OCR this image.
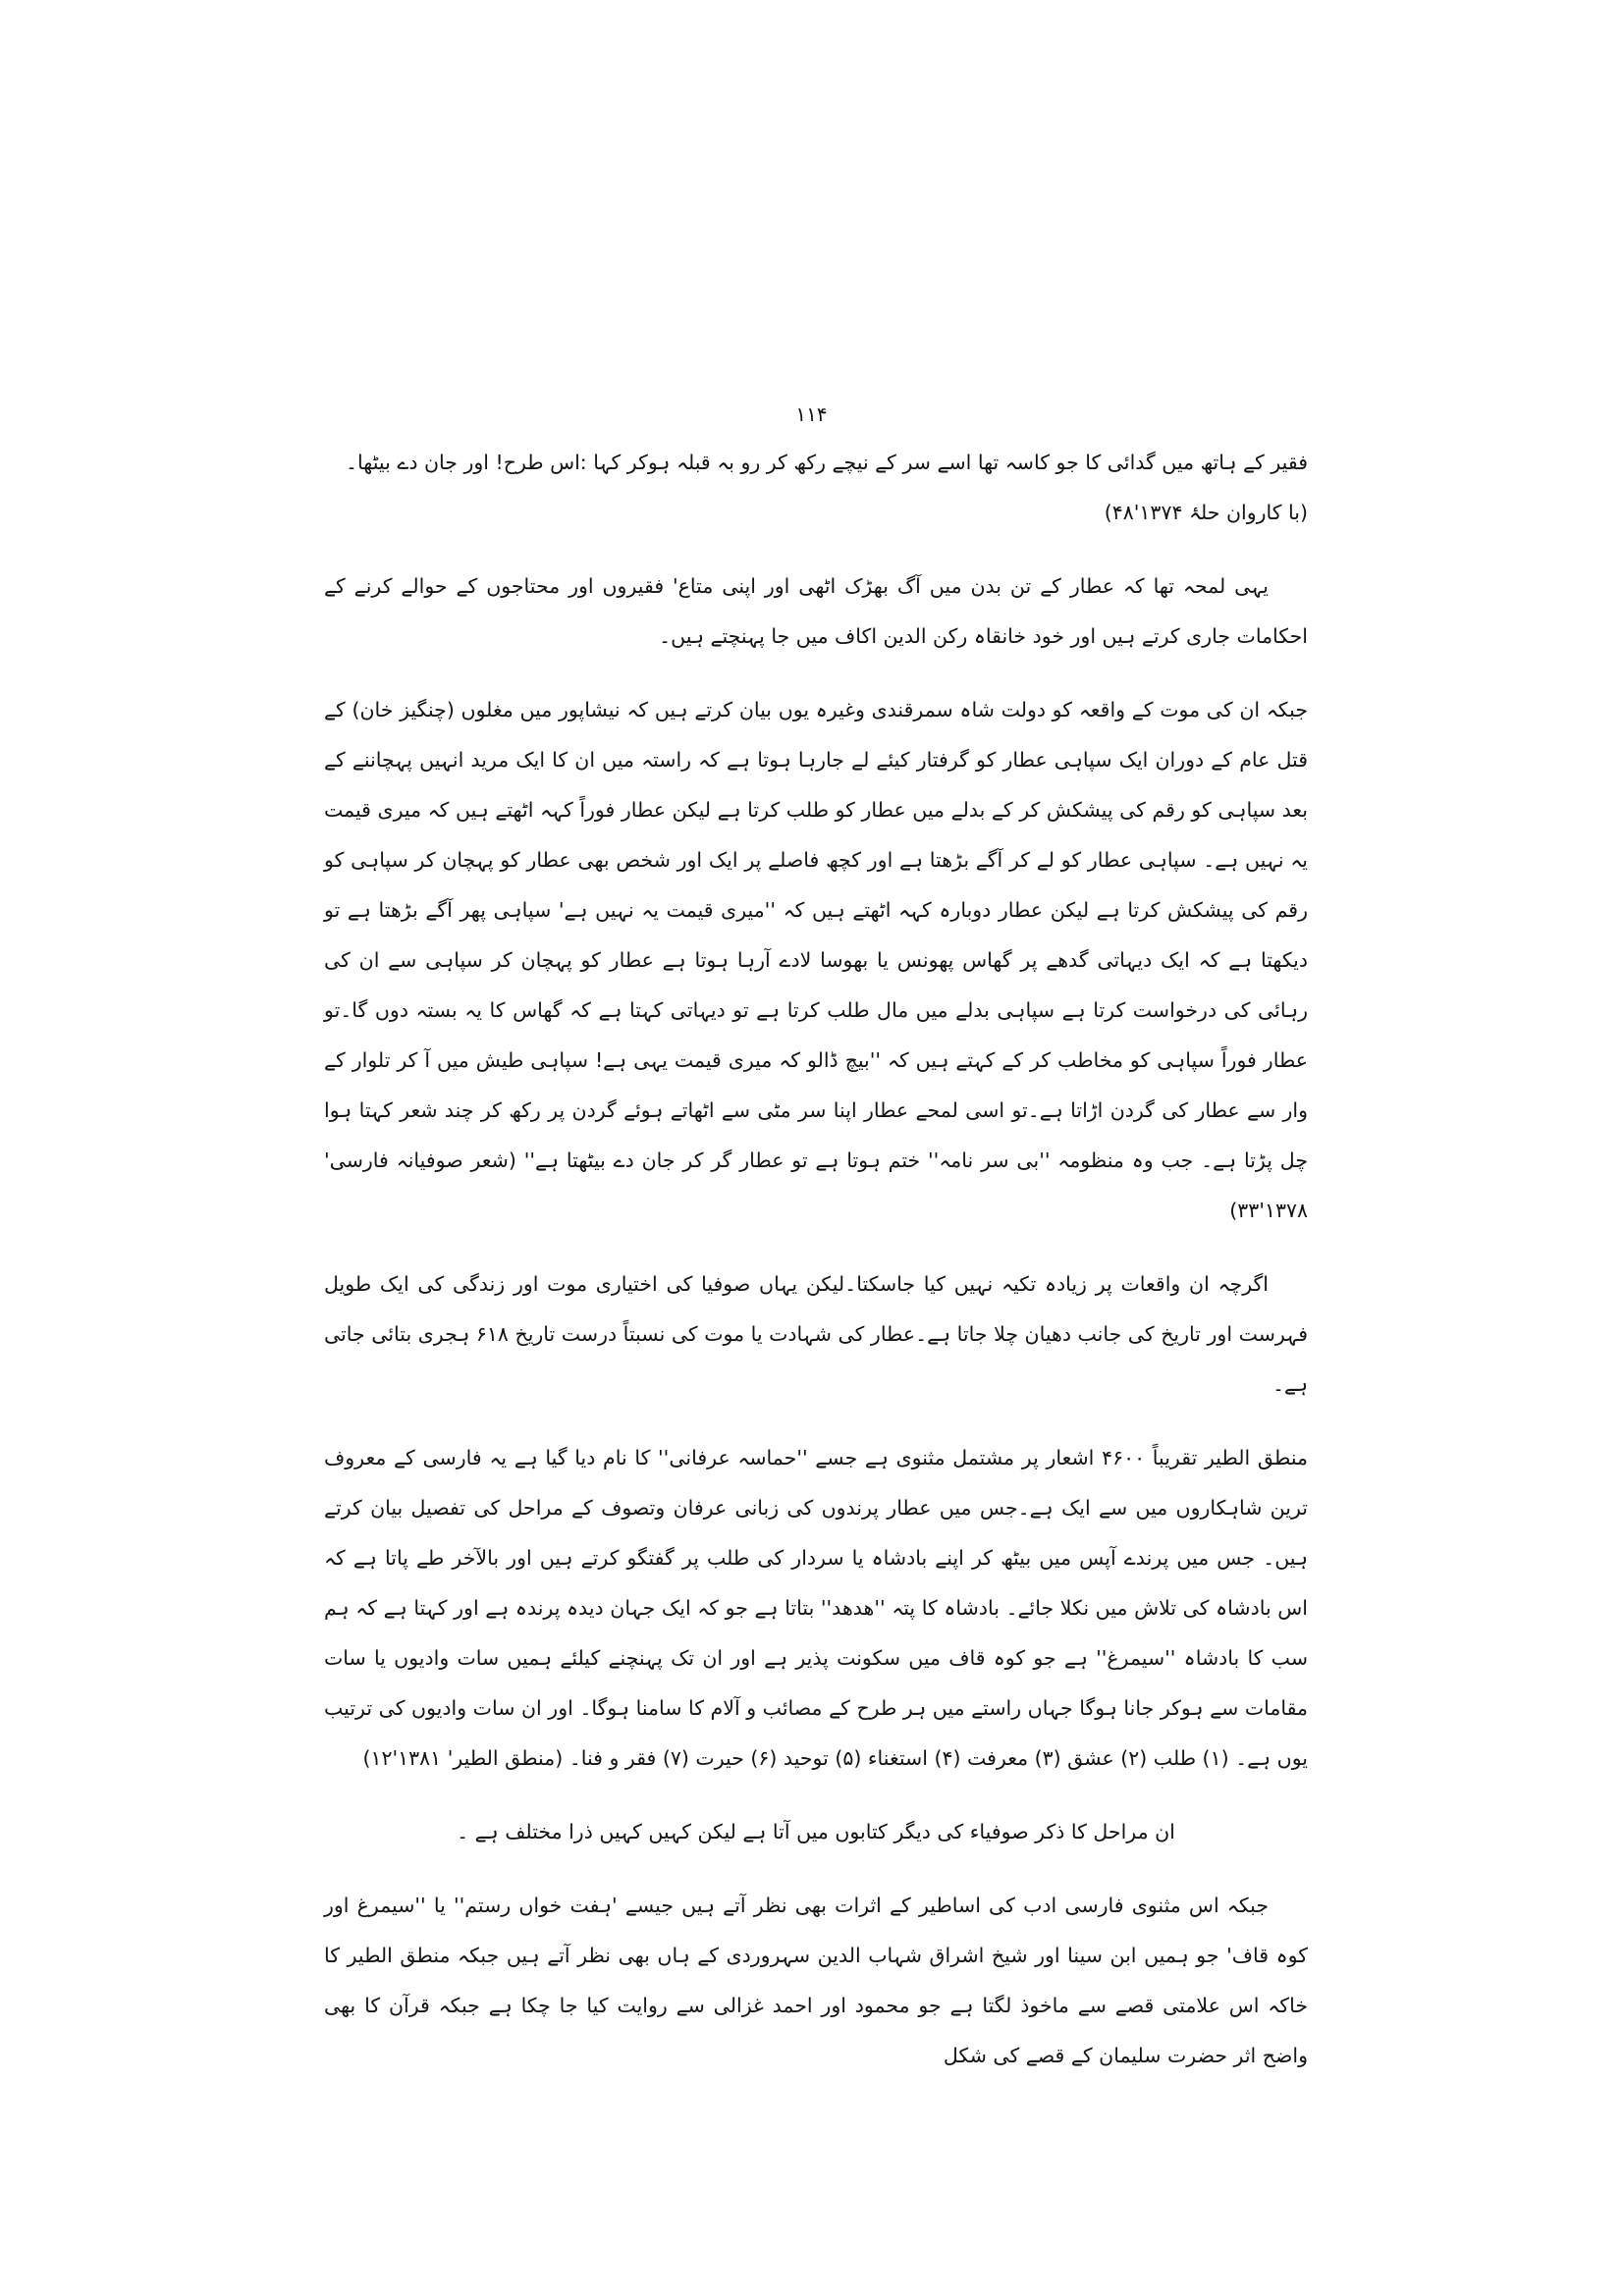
۱۱۴

فقیر کے ہاتھ میں گدائی کا جو کاسہ تھا اسے سر کے نیچے رکھ کر رو بہ قبلہ ہوکر کہا :اس طرح! اور جان دے بیٹھا۔
(با کاروان حلۂ ۱۳۷۴'۴۸)

یہی لمحہ تھا کہ عطار کے تن بدن میں آگ بھڑک اٹھی اور اپنی متاع' فقیروں اور محتاجوں کے حوالے کرنے کے احکامات جاری کرتے ہیں اور خود خانقاہ رکن الدین اکاف میں جا پہنچتے ہیں۔

جبکہ ان کی موت کے واقعہ کو دولت شاہ سمرقندی وغیرہ یوں بیان کرتے ہیں کہ نیشاپور میں مغلوں (چنگیز خان) کے قتل عام کے دوران ایک سپاہی عطار کو گرفتار کیئے لے جارہا ہوتا ہے کہ راستہ میں ان کا ایک مرید انہیں پہچاننے کے بعد سپاہی کو رقم کی پیشکش کر کے بدلے میں عطار کو طلب کرتا ہے لیکن عطار فوراً کہہ اٹھتے ہیں کہ میری قیمت یہ نہیں ہے۔ سپاہی عطار کو لے کر آگے بڑھتا ہے اور کچھ فاصلے پر ایک اور شخص بھی عطار کو پہچان کر سپاہی کو رقم کی پیشکش کرتا ہے لیکن عطار دوبارہ کہہ اٹھتے ہیں کہ ''میری قیمت یہ نہیں ہے' سپاہی پھر آگے بڑھتا ہے تو دیکھتا ہے کہ ایک دیہاتی گدھے پر گھاس پھونس یا بھوسا لادے آرہا ہوتا ہے عطار کو پہچان کر سپاہی سے ان کی رہائی کی درخواست کرتا ہے سپاہی بدلے میں مال طلب کرتا ہے تو دیہاتی کہتا ہے کہ گھاس کا یہ بستہ دوں گا۔تو عطار فوراً سپاہی کو مخاطب کر کے کہتے ہیں کہ ''بیچ ڈالو کہ میری قیمت یہی ہے! سپاہی طیش میں آ کر تلوار کے وار سے عطار کی گردن اڑاتا ہے۔تو اسی لمحے عطار اپنا سر مٹی سے اٹھاتے ہوئے گردن پر رکھ کر چند شعر کہتا ہوا چل پڑتا ہے۔ جب وہ منظومہ ''بی سر نامہ'' ختم ہوتا ہے تو عطار گر کر جان دے بیٹھتا ہے'' (شعر صوفیانہ فارسی' ۱۳۷۸'۳۳)

اگرچہ ان واقعات پر زیادہ تکیہ نہیں کیا جاسکتا۔لیکن یہاں صوفیا کی اختیاری موت اور زندگی کی ایک طویل فہرست اور تاریخ کی جانب دھیان چلا جاتا ہے۔عطار کی شہادت یا موت کی نسبتاً درست تاریخ ۶۱۸ ہجری بتائی جاتی ہے۔

منطق الطیر تقریباً ۴۶۰۰ اشعار پر مشتمل مثنوی ہے جسے ''حماسہ عرفانی'' کا نام دیا گیا ہے یہ فارسی کے معروف ترین شاہکاروں میں سے ایک ہے۔جس میں عطار پرندوں کی زبانی عرفان وتصوف کے مراحل کی تفصیل بیان کرتے ہیں۔ جس میں پرندے آپس میں بیٹھ کر اپنے بادشاہ یا سردار کی طلب پر گفتگو کرتے ہیں اور بالآخر طے پاتا ہے کہ اس بادشاہ کی تلاش میں نکلا جائے۔ بادشاہ کا پتہ ''ھدھد'' بتاتا ہے جو کہ ایک جہان دیدہ پرندہ ہے اور کہتا ہے کہ ہم سب کا بادشاہ ''سیمرغ'' ہے جو کوہ قاف میں سکونت پذیر ہے اور ان تک پہنچنے کیلئے ہمیں سات وادیوں یا سات مقامات سے ہوکر جانا ہوگا جہاں راستے میں ہر طرح کے مصائب و آلام کا سامنا ہوگا۔ اور ان سات وادیوں کی ترتیب یوں ہے۔ (۱) طلب (۲) عشق (۳) معرفت (۴) استغناء (۵) توحید (۶) حیرت (۷) فقر و فنا۔ (منطق الطیر' ۱۳۸۱'۱۲)

ان مراحل کا ذکر صوفیاء کی دیگر کتابوں میں آتا ہے لیکن کہیں کہیں ذرا مختلف ہے ۔

جبکہ اس مثنوی فارسی ادب کی اساطیر کے اثرات بھی نظر آتے ہیں جیسے 'ہفت خواں رستم'' یا ''سیمرغ اور کوہ قاف' جو ہمیں ابن سینا اور شیخ اشراق شہاب الدین سہروردی کے ہاں بھی نظر آتے ہیں جبکہ منطق الطیر کا خاکہ اس علامتی قصے سے ماخوذ لگتا ہے جو محمود اور احمد غزالی سے روایت کیا جا چکا ہے جبکہ قرآن کا بھی واضح اثر حضرت سلیمان کے قصے کی شکل
